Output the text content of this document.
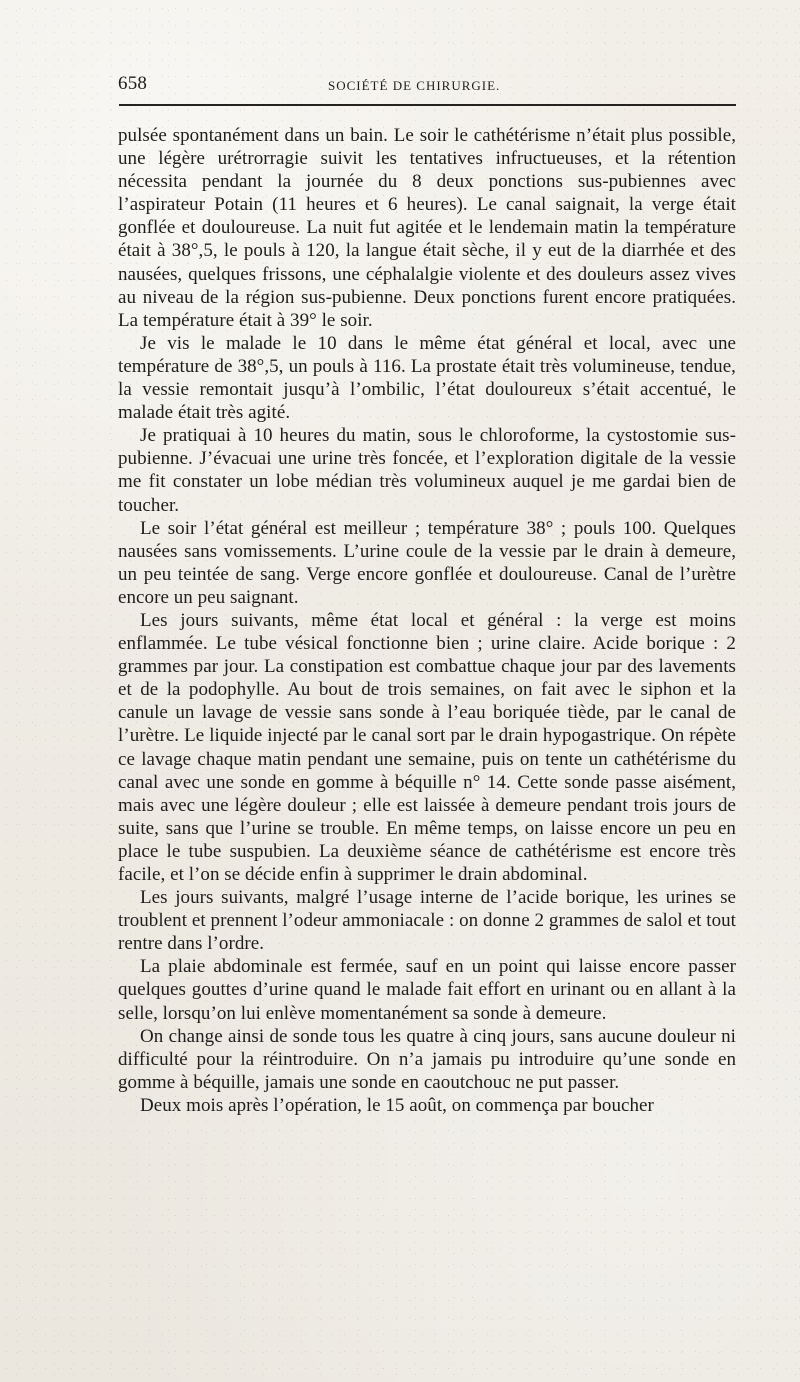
658	SOCIÉTÉ DE CHIRURGIE.

pulsée spontanément dans un bain. Le soir le cathétérisme n’était plus possible, une légère urétrorragie suivit les tentatives infructueuses, et la rétention nécessita pendant la journée du 8 deux ponctions sus-pubiennes avec l’aspirateur Potain (11 heures et 6 heures). Le canal saignait, la verge était gonflée et douloureuse. La nuit fut agitée et le lendemain matin la température était à 38°,5, le pouls à 120, la langue était sèche, il y eut de la diarrhée et des nausées, quelques frissons, une céphalalgie violente et des douleurs assez vives au niveau de la région sus-pubienne. Deux ponctions furent encore pratiquées. La température était à 39° le soir.

Je vis le malade le 10 dans le même état général et local, avec une température de 38°,5, un pouls à 116. La prostate était très volumineuse, tendue, la vessie remontait jusqu’à l’ombilic, l’état douloureux s’était accentué, le malade était très agité.

Je pratiquai à 10 heures du matin, sous le chloroforme, la cystostomie sus-pubienne. J’évacuai une urine très foncée, et l’exploration digitale de la vessie me fit constater un lobe médian très volumineux auquel je me gardai bien de toucher.

Le soir l’état général est meilleur ; température 38° ; pouls 100. Quelques nausées sans vomissements. L’urine coule de la vessie par le drain à demeure, un peu teintée de sang. Verge encore gonflée et douloureuse. Canal de l’urètre encore un peu saignant.

Les jours suivants, même état local et général : la verge est moins enflammée. Le tube vésical fonctionne bien ; urine claire. Acide borique : 2 grammes par jour. La constipation est combattue chaque jour par des lavements et de la podophylle. Au bout de trois semaines, on fait avec le siphon et la canule un lavage de vessie sans sonde à l’eau boriquée tiède, par le canal de l’urètre. Le liquide injecté par le canal sort par le drain hypogastrique. On répète ce lavage chaque matin pendant une semaine, puis on tente un cathétérisme du canal avec une sonde en gomme à béquille n° 14. Cette sonde passe aisément, mais avec une légère douleur ; elle est laissée à demeure pendant trois jours de suite, sans que l’urine se trouble. En même temps, on laisse encore un peu en place le tube suspubien. La deuxième séance de cathétérisme est encore très facile, et l’on se décide enfin à supprimer le drain abdominal.

Les jours suivants, malgré l’usage interne de l’acide borique, les urines se troublent et prennent l’odeur ammoniacale : on donne 2 grammes de salol et tout rentre dans l’ordre.

La plaie abdominale est fermée, sauf en un point qui laisse encore passer quelques gouttes d’urine quand le malade fait effort en urinant ou en allant à la selle, lorsqu’on lui enlève momentanément sa sonde à demeure.

On change ainsi de sonde tous les quatre à cinq jours, sans aucune douleur ni difficulté pour la réintroduire. On n’a jamais pu introduire qu’une sonde en gomme à béquille, jamais une sonde en caoutchouc ne put passer.

Deux mois après l’opération, le 15 août, on commença par boucher
